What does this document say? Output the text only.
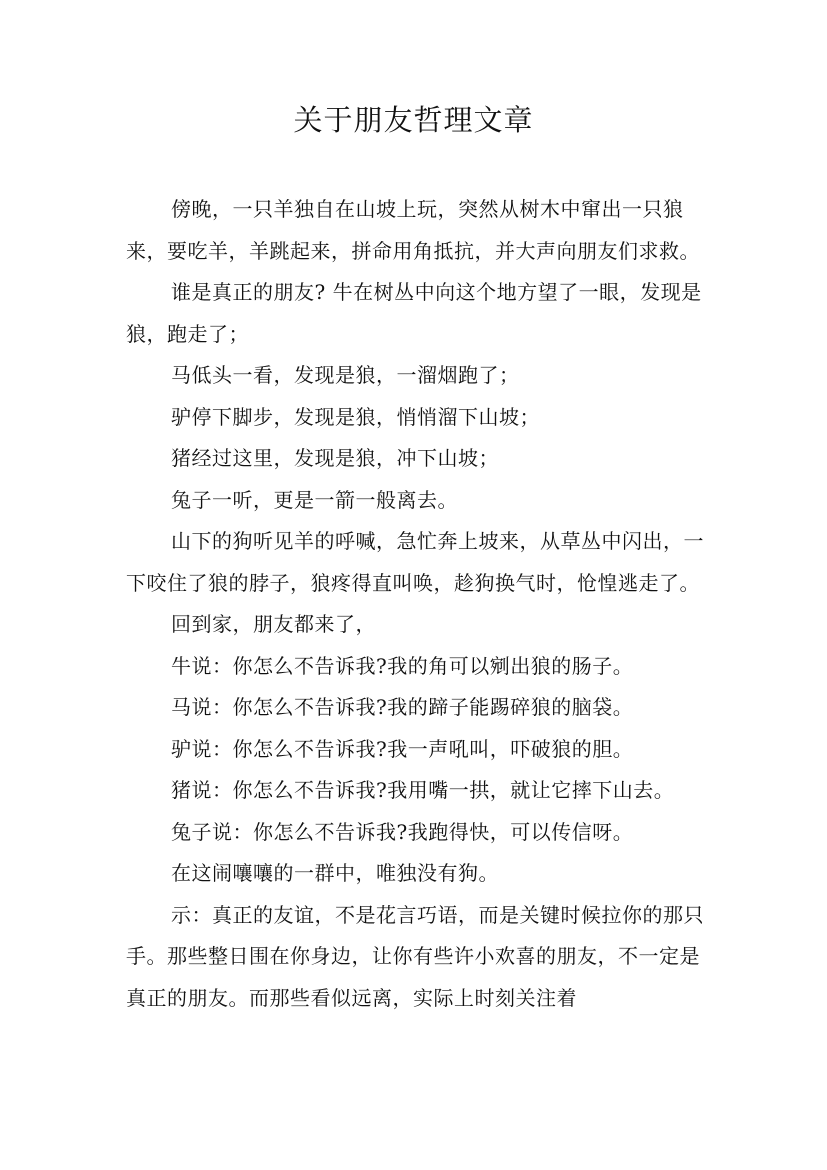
关于朋友哲理文章

傍晚，一只羊独自在山坡上玩，突然从树木中窜出一只狼来，要吃羊，羊跳起来，拼命用角抵抗，并大声向朋友们求救。

谁是真正的朋友? 牛在树丛中向这个地方望了一眼，发现是狼，跑走了；

马低头一看，发现是狼，一溜烟跑了；

驴停下脚步，发现是狼，悄悄溜下山坡；

猪经过这里，发现是狼，冲下山坡；

兔子一听，更是一箭一般离去。

山下的狗听见羊的呼喊，急忙奔上坡来，从草丛中闪出，一下咬住了狼的脖子，狼疼得直叫唤，趁狗换气时，怆惶逃走了。

回到家，朋友都来了，

牛说：你怎么不告诉我?我的角可以剜出狼的肠子。

马说：你怎么不告诉我?我的蹄子能踢碎狼的脑袋。

驴说：你怎么不告诉我?我一声吼叫，吓破狼的胆。

猪说：你怎么不告诉我?我用嘴一拱，就让它摔下山去。

兔子说：你怎么不告诉我?我跑得快，可以传信呀。

在这闹嚷嚷的一群中，唯独没有狗。

示：真正的友谊，不是花言巧语，而是关键时候拉你的那只手。那些整日围在你身边，让你有些许小欢喜的朋友，不一定是真正的朋友。而那些看似远离，实际上时刻关注着
